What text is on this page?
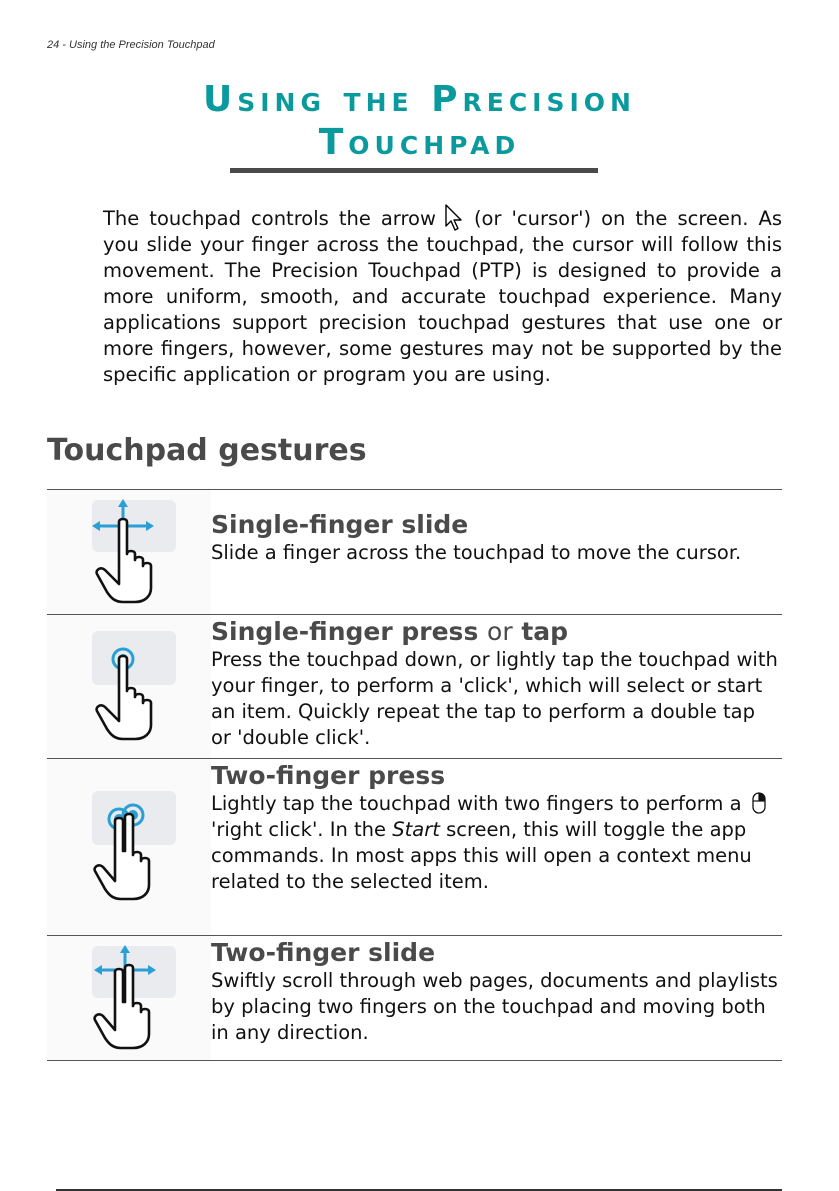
24 - Using the Precision Touchpad
Using the Precision
Touchpad

The touchpad controls the arrow (or 'cursor') on the screen. As you slide your finger across the touchpad, the cursor will follow this movement. The Precision Touchpad (PTP) is designed to provide a more uniform, smooth, and accurate touchpad experience. Many applications support precision touchpad gestures that use one or more fingers, however, some gestures may not be supported by the specific application or program you are using.

Touchpad gestures
Single-finger slide
Slide a finger across the touchpad to move the cursor.
Single-finger press or tap
Press the touchpad down, or lightly tap the touchpad with your finger, to perform a 'click', which will select or start an item. Quickly repeat the tap to perform a double tap or 'double click'.
Two-finger press
Lightly tap the touchpad with two fingers to perform a  'right click'. In the Start screen, this will toggle the app commands. In most apps this will open a context menu related to the selected item.
Two-finger slide
Swiftly scroll through web pages, documents and playlists by placing two fingers on the touchpad and moving both in any direction.
